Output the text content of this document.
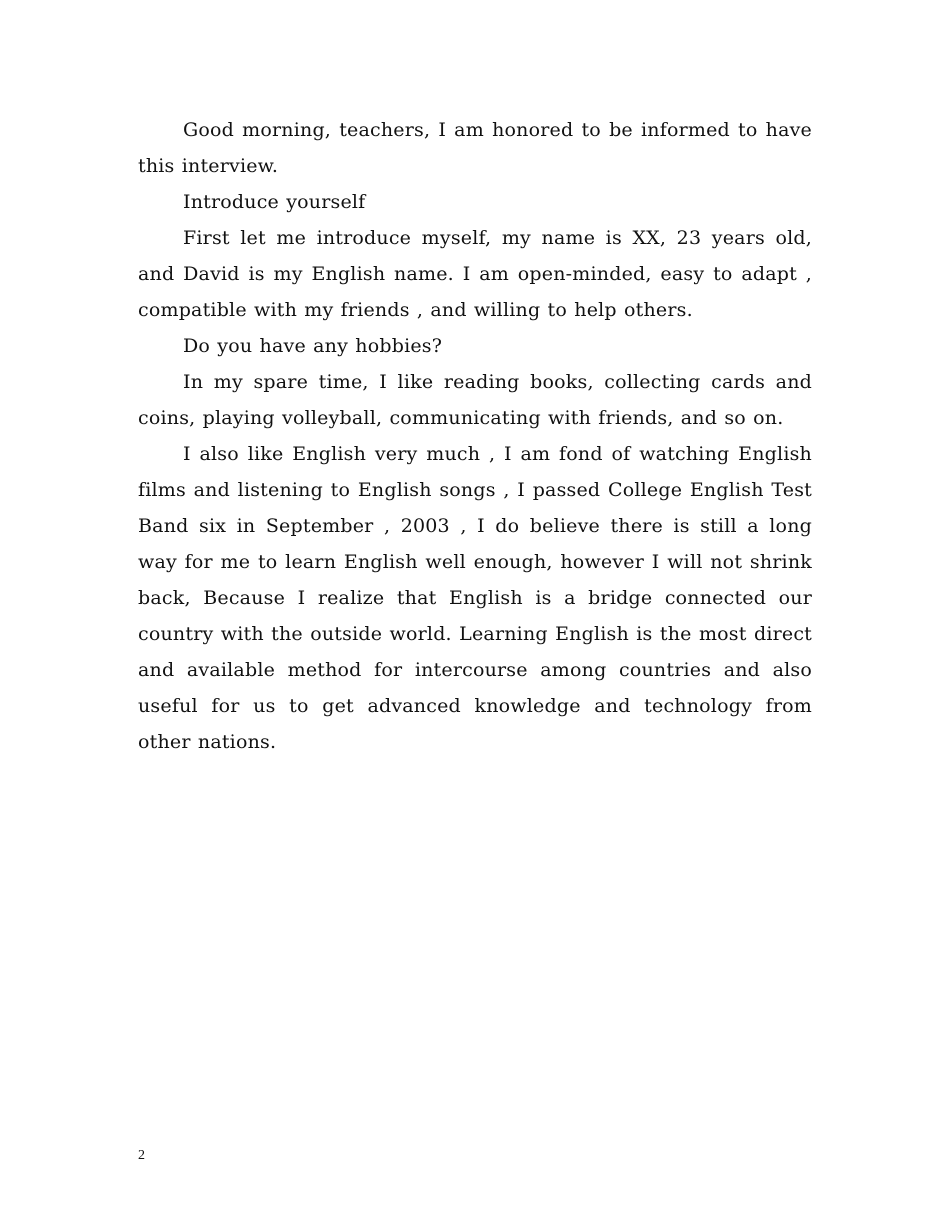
Good morning, teachers, I am honored to be informed to have this interview.

Introduce yourself

First let me introduce myself, my name is XX, 23 years old, and David is my English name. I am open-minded, easy to adapt , compatible with my friends , and willing to help others.

Do you have any hobbies?

In my spare time, I like reading books, collecting cards and coins, playing volleyball, communicating with friends, and so on.

I also like English very much , I am fond of watching English films and listening to English songs , I passed College English Test Band six in September , 2003 , I do believe there is still a long way for me to learn English well enough, however I will not shrink back, Because I realize that English is a bridge connected our country with the outside world. Learning English is the most direct and available method for intercourse among countries and also useful for us to get advanced knowledge and technology from other nations.

2
